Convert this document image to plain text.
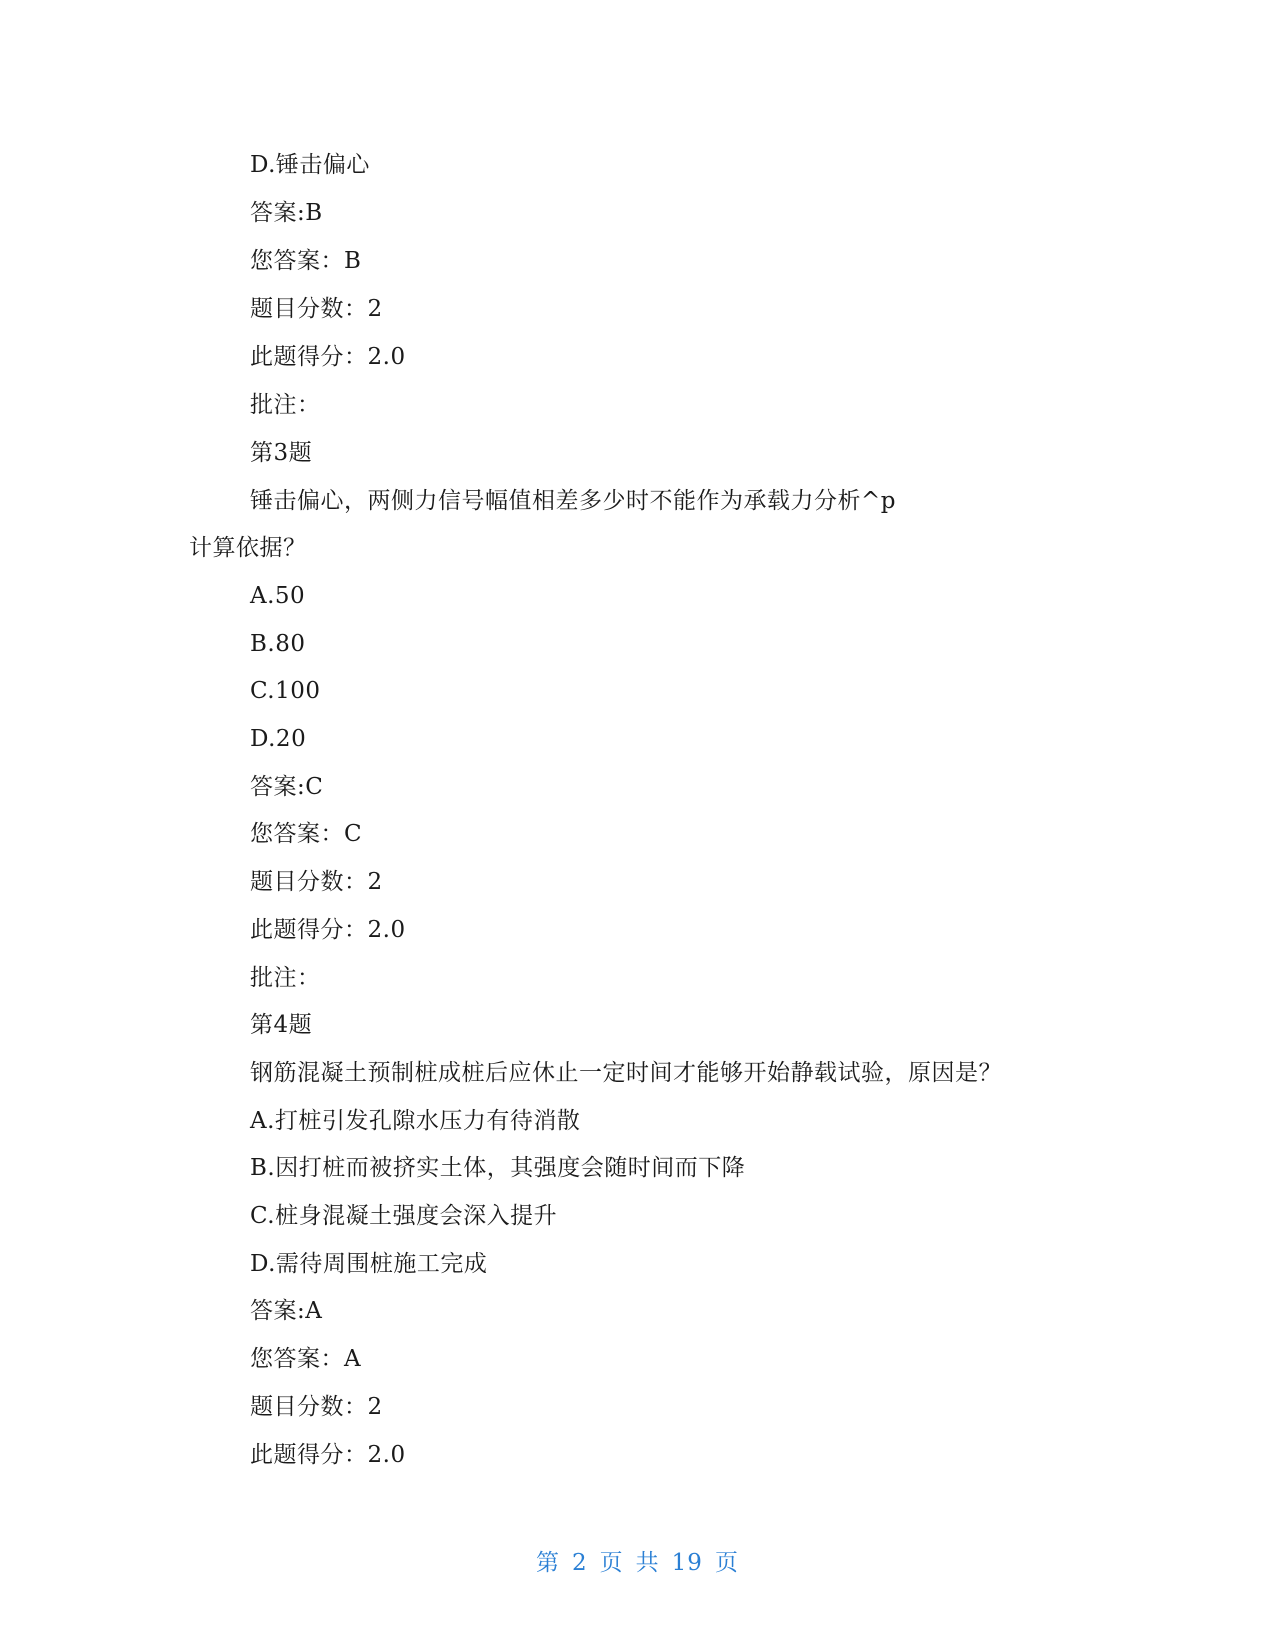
D.锤击偏心
答案:B
您答案：B
题目分数：2
此题得分：2.0
批注：
第3题
锤击偏心，两侧力信号幅值相差多少时不能作为承载力分析^p
计算依据？
A.50
B.80
C.100
D.20
答案:C
您答案：C
题目分数：2
此题得分：2.0
批注：
第4题
钢筋混凝土预制桩成桩后应休止一定时间才能够开始静载试验，原因是？
A.打桩引发孔隙水压力有待消散
B.因打桩而被挤实土体，其强度会随时间而下降
C.桩身混凝土强度会深入提升
D.需待周围桩施工完成
答案:A
您答案：A
题目分数：2
此题得分：2.0
第 2 页 共 19 页
